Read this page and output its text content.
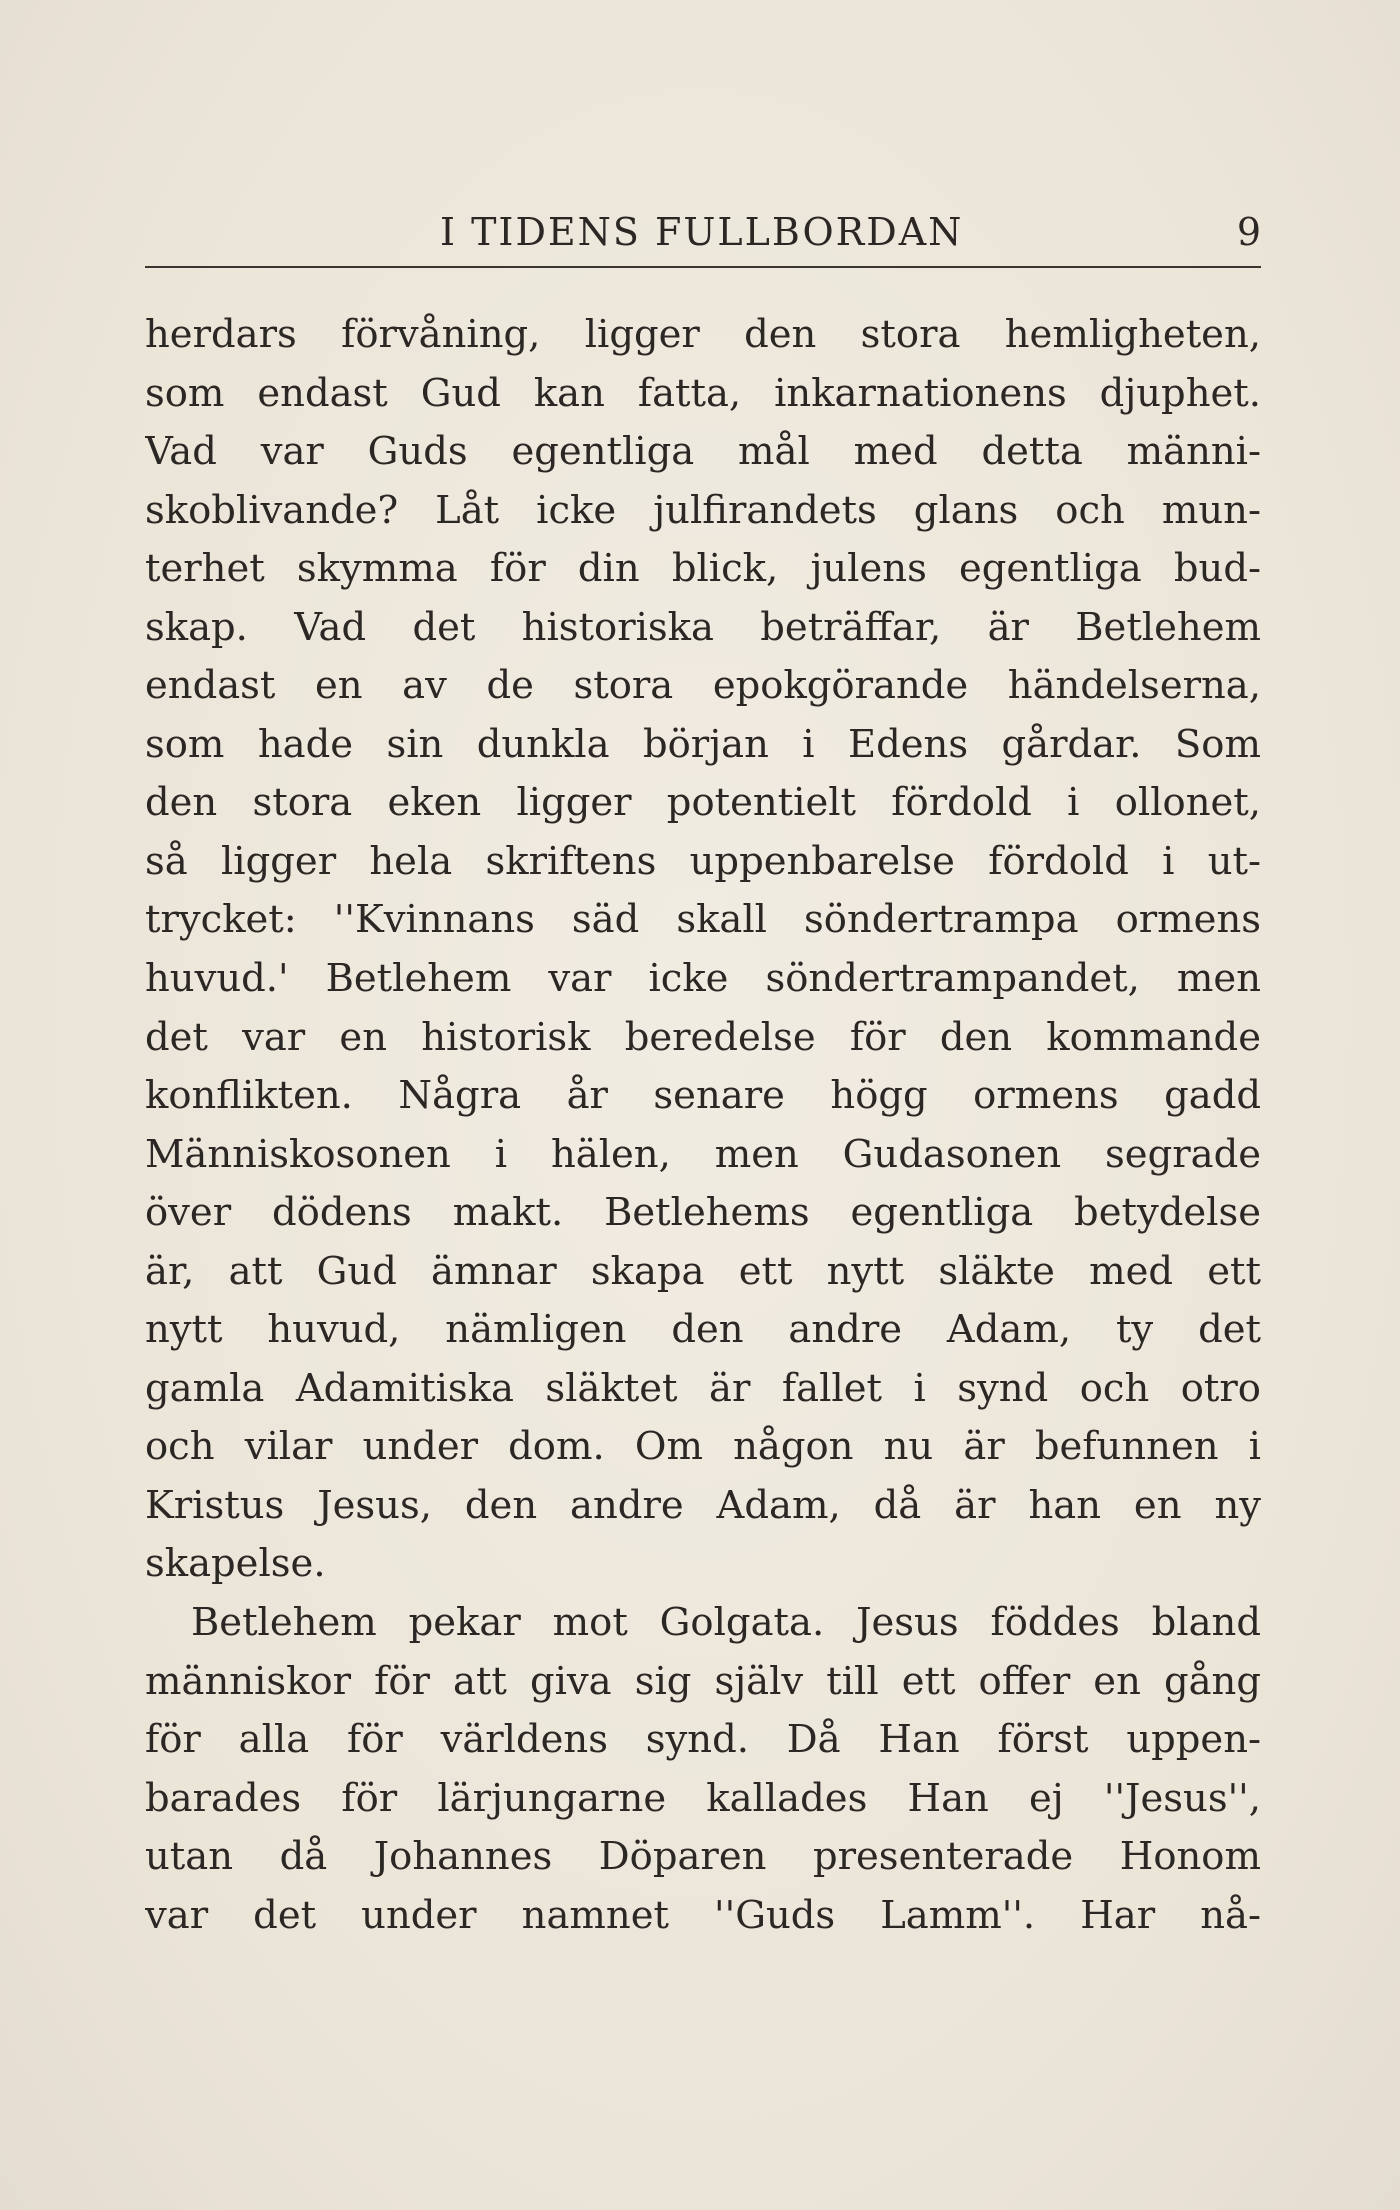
I TIDENS FULLBORDAN	9
herdars förvåning, ligger den stora hemligheten,
som endast Gud kan fatta, inkarnationens djuphet.
Vad var Guds egentliga mål med detta männi-
skoblivande? Låt icke julfirandets glans och mun-
terhet skymma för din blick, julens egentliga bud-
skap. Vad det historiska beträffar, är Betlehem
endast en av de stora epokgörande händelserna,
som hade sin dunkla början i Edens gårdar. Som
den stora eken ligger potentielt fördold i ollonet,
så ligger hela skriftens uppenbarelse fördold i ut-
trycket: ''Kvinnans säd skall söndertrampa ormens
huvud.' Betlehem var icke söndertrampandet, men
det var en historisk beredelse för den kommande
konflikten. Några år senare högg ormens gadd
Människosonen i hälen, men Gudasonen segrade
över dödens makt. Betlehems egentliga betydelse
är, att Gud ämnar skapa ett nytt släkte med ett
nytt huvud, nämligen den andre Adam, ty det
gamla Adamitiska släktet är fallet i synd och otro
och vilar under dom. Om någon nu är befunnen i
Kristus Jesus, den andre Adam, då är han en ny
skapelse.
Betlehem pekar mot Golgata. Jesus föddes bland
människor för att giva sig själv till ett offer en gång
för alla för världens synd. Då Han först uppen-
barades för lärjungarne kallades Han ej ''Jesus'',
utan då Johannes Döparen presenterade Honom
var det under namnet ''Guds Lamm''. Har nå-
